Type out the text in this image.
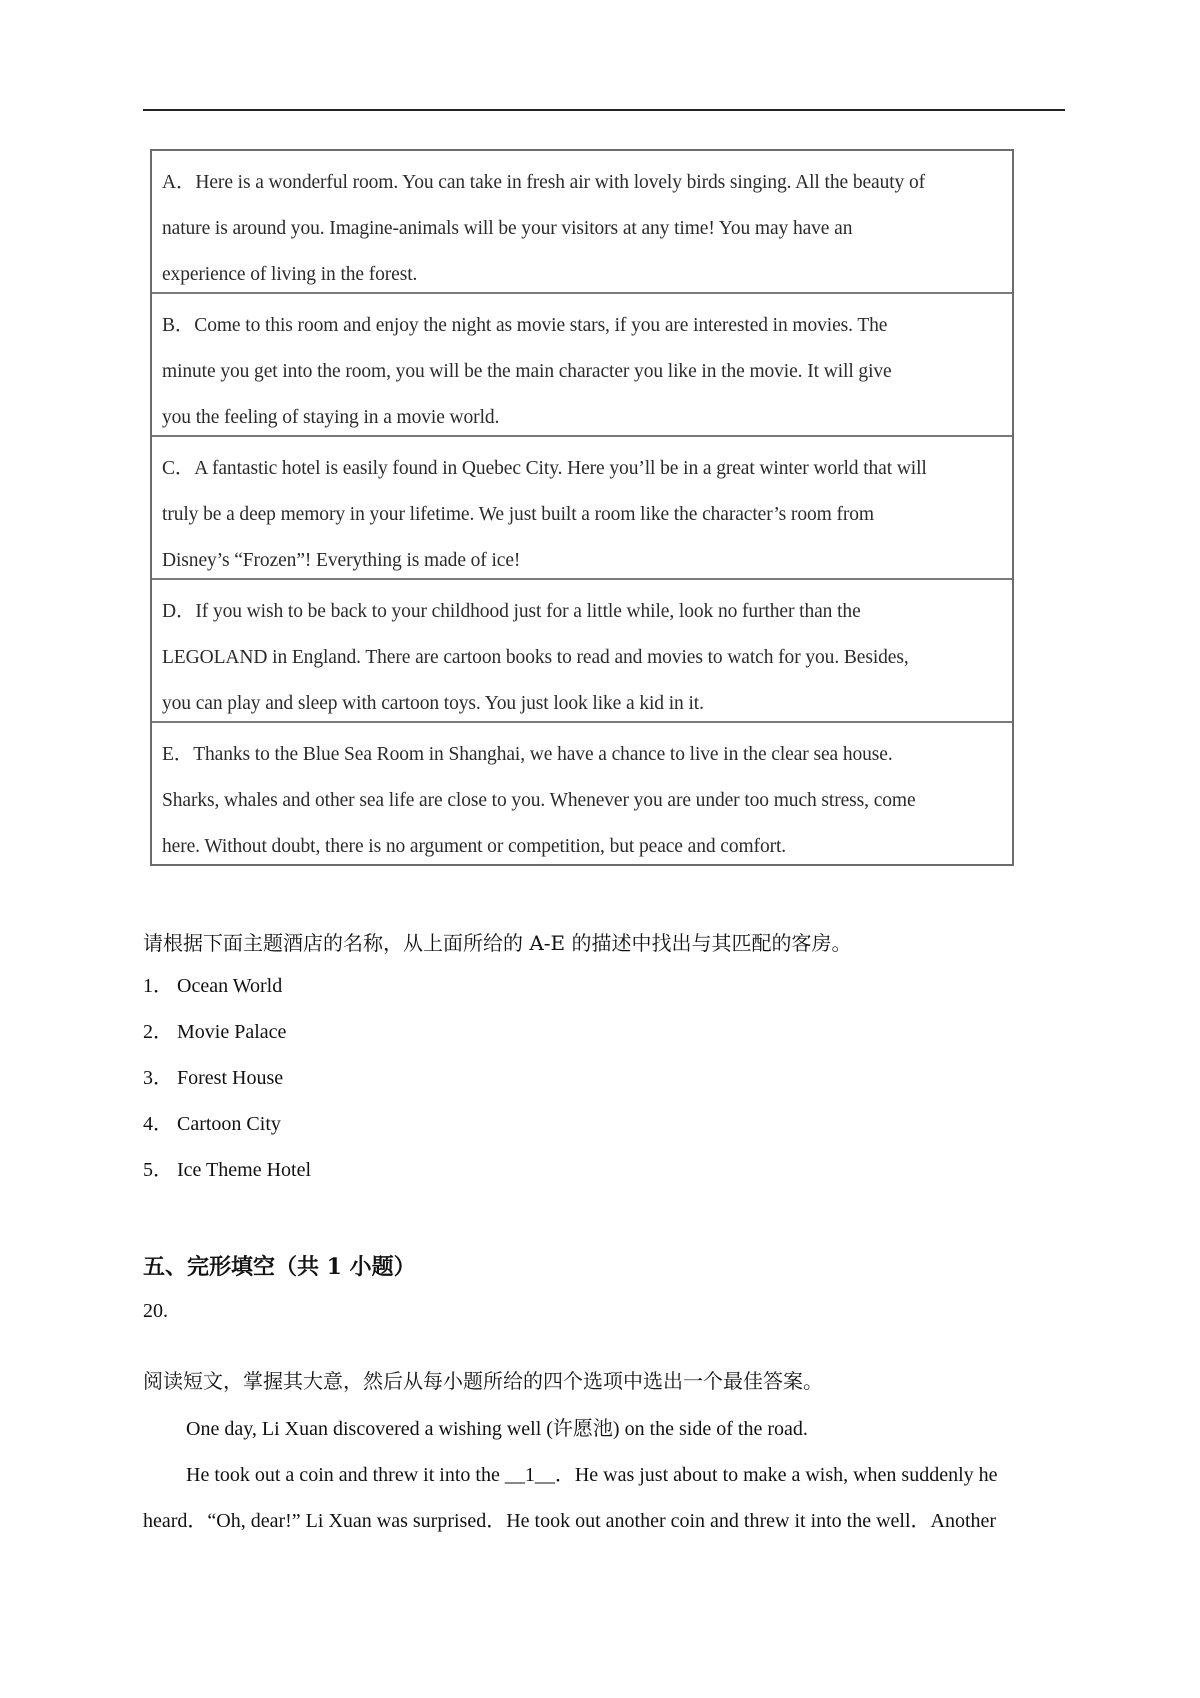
A．Here is a wonderful room. You can take in fresh air with lovely birds singing. All the beauty of
nature is around you. Imagine-animals will be your visitors at any time! You may have an
experience of living in the forest.
B．Come to this room and enjoy the night as movie stars, if you are interested in movies. The
minute you get into the room, you will be the main character you like in the movie. It will give
you the feeling of staying in a movie world.
C．A fantastic hotel is easily found in Quebec City. Here you’ll be in a great winter world that will
truly be a deep memory in your lifetime. We just built a room like the character’s room from
Disney’s “Frozen”! Everything is made of ice!
D．If you wish to be back to your childhood just for a little while, look no further than the
LEGOLAND in England. There are cartoon books to read and movies to watch for you. Besides,
you can play and sleep with cartoon toys. You just look like a kid in it.
E．Thanks to the Blue Sea Room in Shanghai, we have a chance to live in the clear sea house.
Sharks, whales and other sea life are close to you. Whenever you are under too much stress, come
here. Without doubt, there is no argument or competition, but peace and comfort.
请根据下面主题酒店的名称，从上面所给的 A-E 的描述中找出与其匹配的客房。
1． Ocean World
2． Movie Palace
3． Forest House
4． Cartoon City
5． Ice Theme Hotel
五、完形填空（共 1 小题）
20.
阅读短文，掌握其大意，然后从每小题所给的四个选项中选出一个最佳答案。
One day, Li Xuan discovered a wishing well (许愿池) on the side of the road.
He took out a coin and threw it into the __1__．He was just about to make a wish, when suddenly he heard．“Oh, dear!” Li Xuan was surprised．He took out another coin and threw it into the well．Another
